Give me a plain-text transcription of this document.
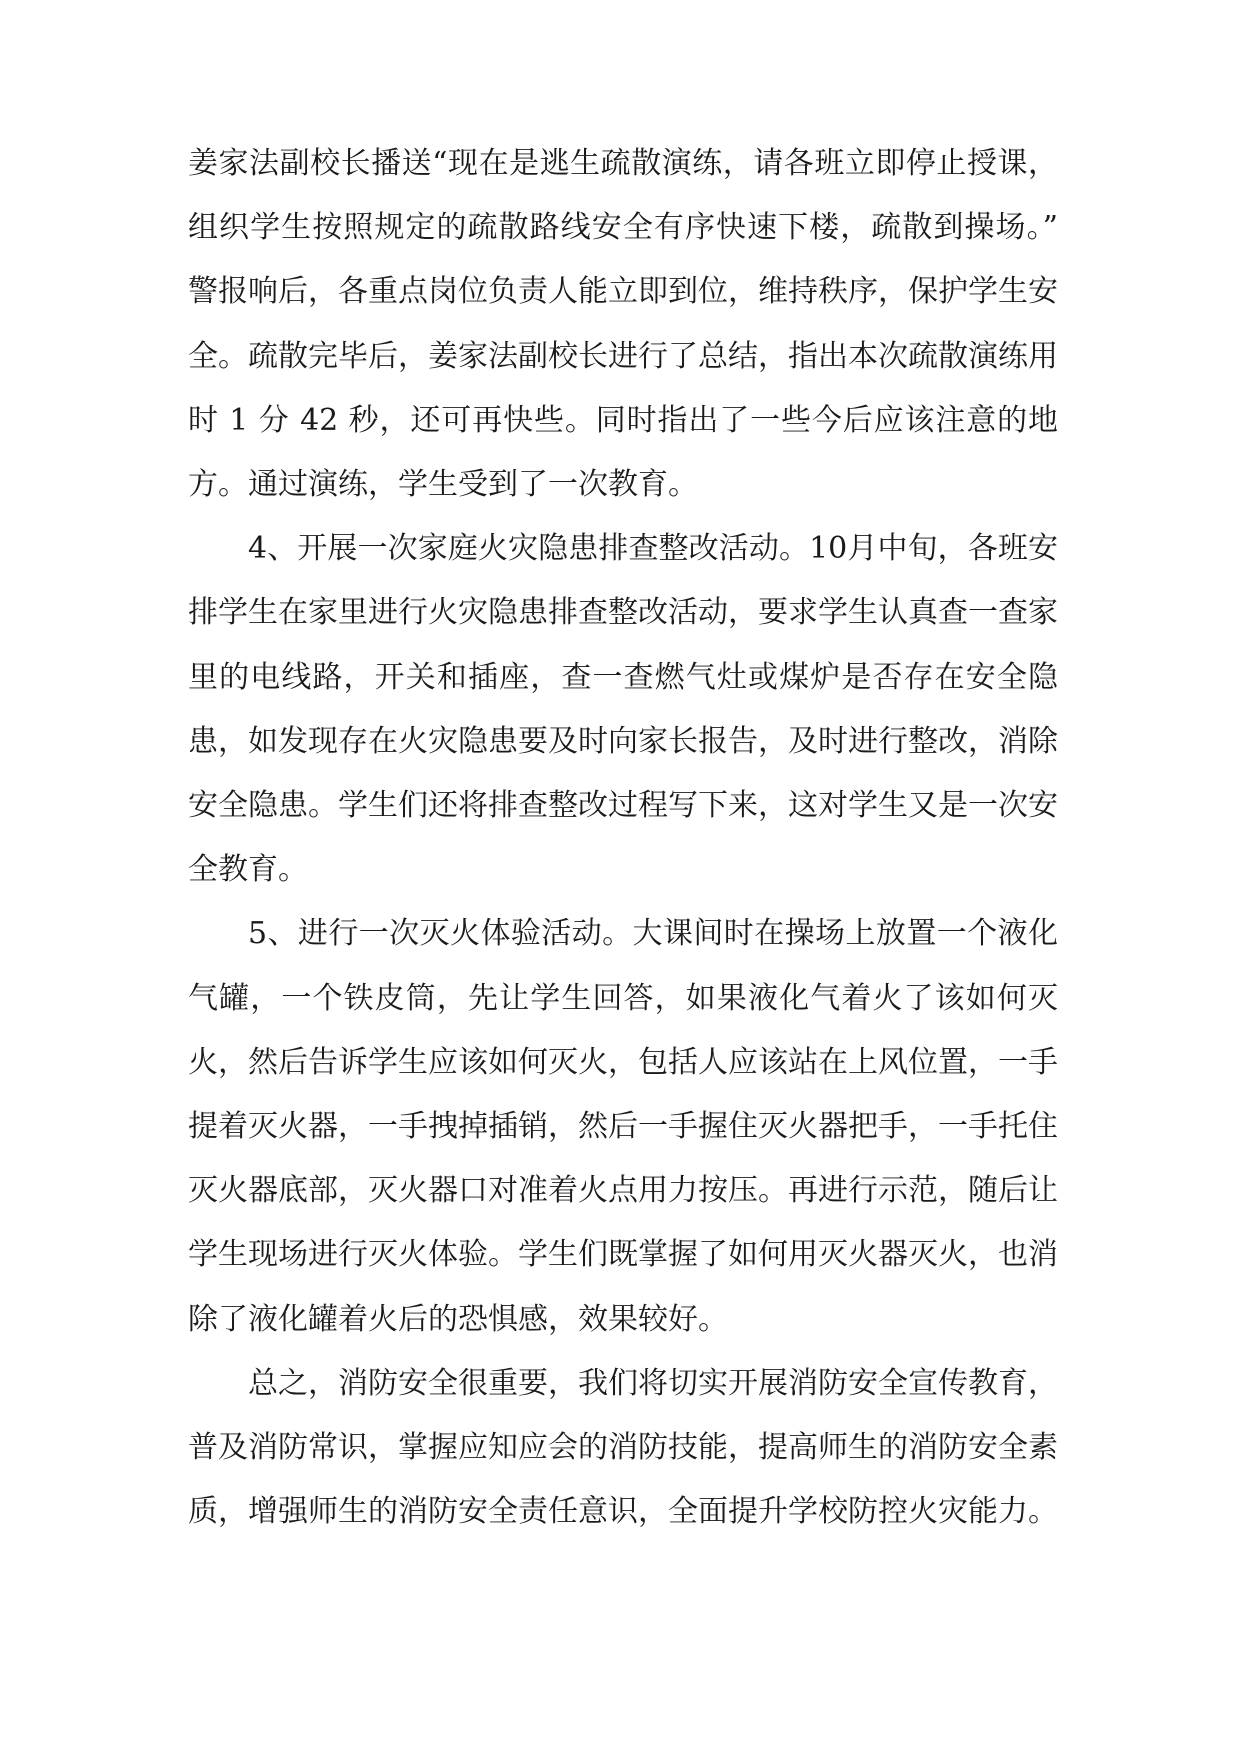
姜家法副校长播送“现在是逃生疏散演练，请各班立即停止授课，组织学生按照规定的疏散路线安全有序快速下楼，疏散到操场。” 警报响后，各重点岗位负责人能立即到位，维持秩序，保护学生安全。疏散完毕后，姜家法副校长进行了总结，指出本次疏散演练用时 1 分 42 秒，还可再快些。同时指出了一些今后应该注意的地方。通过演练，学生受到了一次教育。

4、开展一次家庭火灾隐患排查整改活动。10月中旬，各班安排学生在家里进行火灾隐患排查整改活动，要求学生认真查一查家里的电线路，开关和插座，查一查燃气灶或煤炉是否存在安全隐患，如发现存在火灾隐患要及时向家长报告，及时进行整改，消除安全隐患。学生们还将排查整改过程写下来，这对学生又是一次安全教育。

5、进行一次灭火体验活动。大课间时在操场上放置一个液化气罐，一个铁皮筒，先让学生回答，如果液化气着火了该如何灭火，然后告诉学生应该如何灭火，包括人应该站在上风位置，一手提着灭火器，一手拽掉插销，然后一手握住灭火器把手，一手托住灭火器底部，灭火器口对准着火点用力按压。再进行示范，随后让学生现场进行灭火体验。学生们既掌握了如何用灭火器灭火，也消除了液化罐着火后的恐惧感，效果较好。

总之，消防安全很重要，我们将切实开展消防安全宣传教育，普及消防常识，掌握应知应会的消防技能，提高师生的消防安全素质，增强师生的消防安全责任意识，全面提升学校防控火灾能力。
